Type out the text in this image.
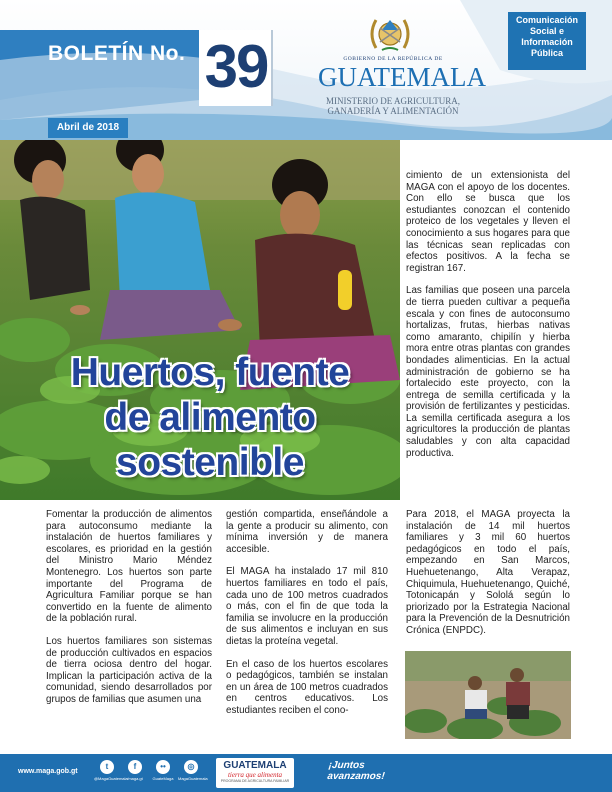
BOLETÍN No. 39
Abril de 2018
GOBIERNO DE LA REPÚBLICA DE
GUATEMALA
MINISTERIO DE AGRICULTURA,
GANADERÍA Y ALIMENTACIÓN
Comunicación
Social e
Información
Pública
Huertos, fuente
de alimento
sostenible

cimiento de un extensionista del MAGA con el apoyo de los docentes. Con ello se busca que los estudiantes conozcan el contenido proteico de los vegetales y lleven el conocimiento a sus hogares para que las técnicas sean replicadas con efectos positivos. A la fecha se registran 167.

Las familias que poseen una parcela de tierra pueden cultivar a pequeña escala y con fines de autoconsumo hortalizas, frutas, hierbas nativas como amaranto, chipilín y hierba mora entre otras plantas con grandes bondades alimenticias. En la actual administración de gobierno se ha fortalecido este proyecto, con la entrega de semilla certificada y la provisión de fertilizantes y pesticidas. La semilla certificada asegura a los agricultores la producción de plantas saludables y con alta capacidad productiva.

Fomentar la producción de alimentos para autoconsumo mediante la instalación de huertos familiares y escolares, es prioridad en la gestión del Ministro Mario Méndez Montenegro. Los huertos son parte importante del Programa de Agricultura Familiar porque se han convertido en la fuente de alimento de la población rural.

Los huertos familiares son sistemas de producción cultivados en espacios de tierra ociosa dentro del hogar. Implican la participación activa de la comunidad, siendo desarrollados por grupos de familias que asumen una

gestión compartida, enseñándole a la gente a producir su alimento, con mínima inversión y de manera accesible.

El MAGA ha instalado 17 mil 810 huertos familiares en todo el país, cada uno de 100 metros cuadrados o más, con el fin de que toda la familia se involucre en la producción de sus alimentos e incluyan en sus dietas la proteína vegetal.

En el caso de los huertos escolares o pedagógicos, también se instalan en un área de 100 metros cuadrados en centros educativos. Los estudiantes reciben el cono-

Para 2018, el MAGA proyecta la instalación de 14 mil huertos familiares y 3 mil 60 huertos pedagógicos en todo el país, empezando en San Marcos, Huehuetenango, Alta Verapaz, Chiquimula, Huehuetenango, Quiché, Totonicapán y Sololá según lo priorizado por la Estrategia Nacional para la Prevención de la Desnutrición Crónica (ENPDC).

www.maga.gob.gt
t
@MagaGuatemala
f
/maga.gt
••
GuateMaga
◎
MagaGuatemala
GUATEMALA
tierra que alimenta
PROGRAMA DE AGRICULTURA FAMILIAR
¡Juntos
avanzamos!
